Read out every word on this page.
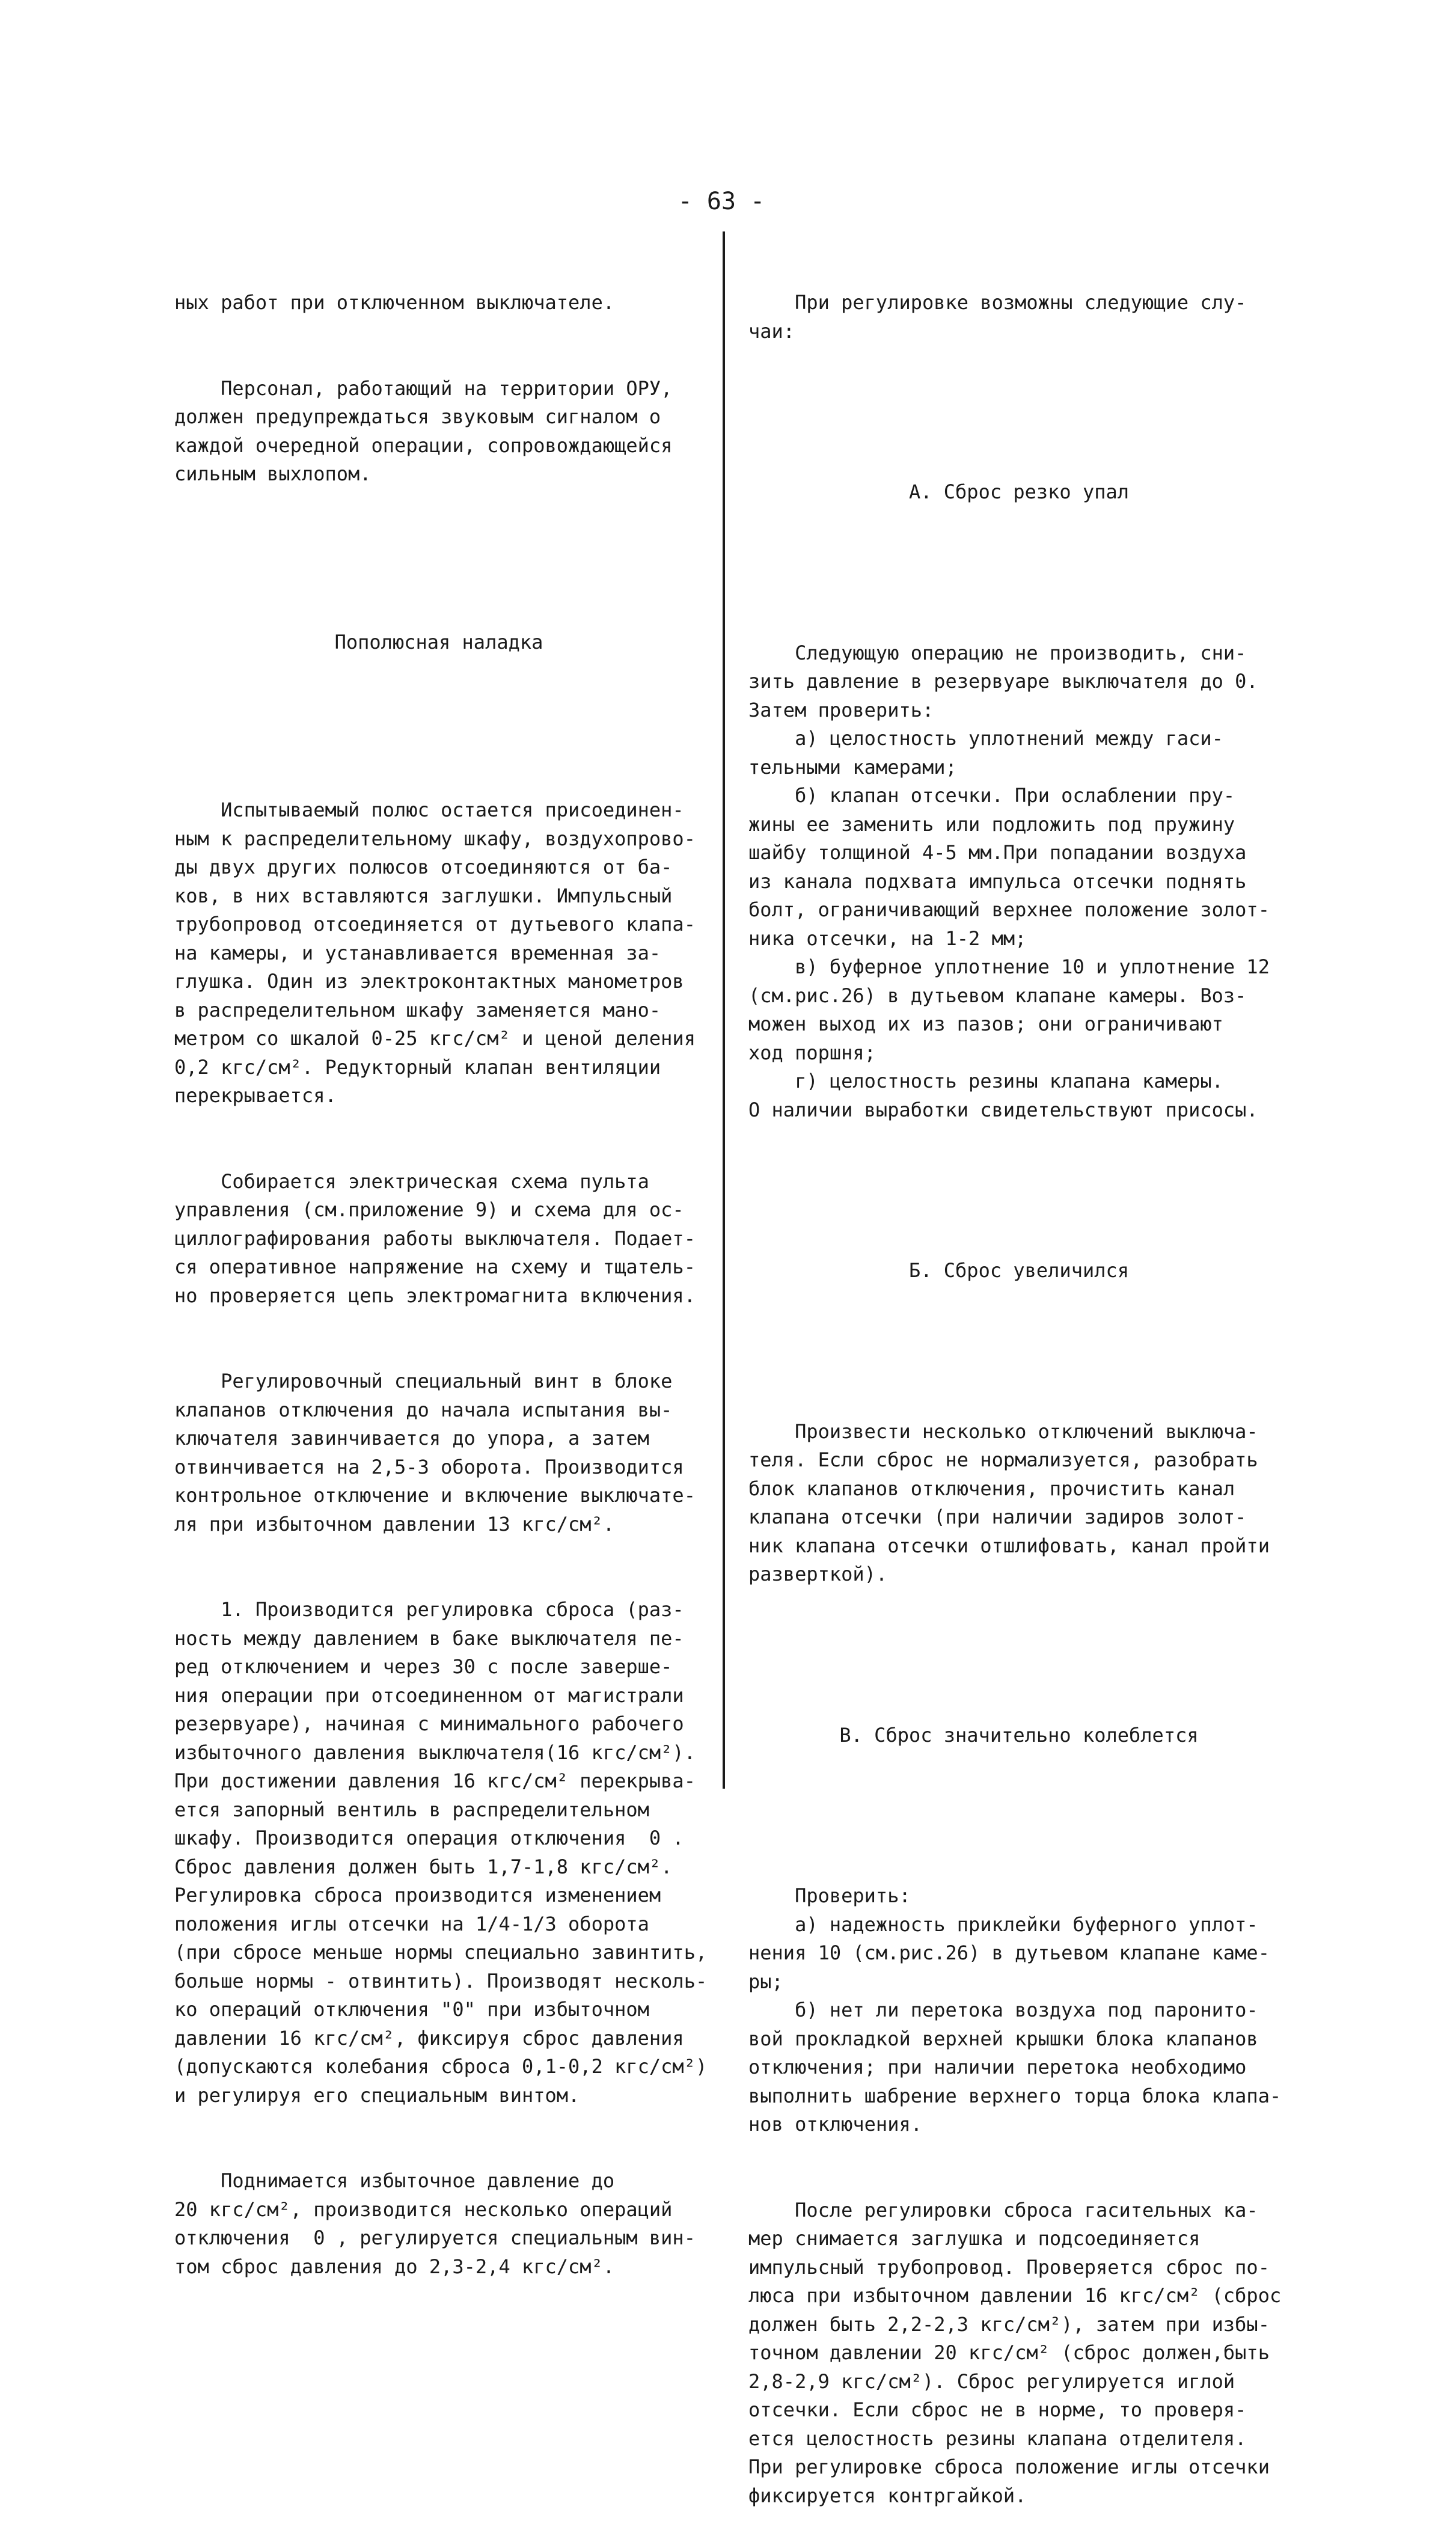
- 63 -

ных работ при отключенном выключателе.

Персонал, работающий на территории ОРУ,
должен предупреждаться звуковым сигналом о
каждой очередной операции, сопровождающейся
сильным выхлопом.

Пополюсная наладка

Испытываемый полюс остается присоединен-
ным к распределительному шкафу, воздухопрово-
ды двух других полюсов отсоединяются от ба-
ков, в них вставляются заглушки. Импульсный
трубопровод отсоединяется от дутьевого клапа-
на камеры, и устанавливается временная за-
глушка. Один из электроконтактных манометров
в распределительном шкафу заменяется мано-
метром со шкалой 0-25 кгс/см² и ценой деления
0,2 кгс/см². Редукторный клапан вентиляции
перекрывается.

Собирается электрическая схема пульта
управления (см.приложение 9) и схема для ос-
циллографирования работы выключателя. Подает-
ся оперативное напряжение на схему и тщатель-
но проверяется цепь электромагнита включения.

Регулировочный специальный винт в блоке
клапанов отключения до начала испытания вы-
ключателя завинчивается до упора, а затем
отвинчивается на 2,5-3 оборота. Производится
контрольное отключение и включение выключате-
ля при избыточном давлении 13 кгс/см².

1. Производится регулировка сброса (раз-
ность между давлением в баке выключателя пе-
ред отключением и через 30 с после заверше-
ния операции при отсоединенном от магистрали
резервуаре), начиная с минимального рабочего
избыточного давления выключателя(16 кгс/см²).
При достижении давления 16 кгс/см² перекрыва-
ется запорный вентиль в распределительном
шкафу. Производится операция отключения  0 .
Сброс давления должен быть 1,7-1,8 кгс/см².
Регулировка сброса производится изменением
положения иглы отсечки на 1/4-1/3 оборота
(при сбросе меньше нормы специально завинтить,
больше нормы - отвинтить). Производят несколь-
ко операций отключения "0" при избыточном
давлении 16 кгс/см², фиксируя сброс давления
(допускаются колебания сброса 0,1-0,2 кгс/см²)
и регулируя его специальным винтом.

Поднимается избыточное давление до
20 кгс/см², производится несколько операций
отключения  0 , регулируется специальным вин-
том сброс давления до 2,3-2,4 кгс/см².

При регулировке возможны следующие слу-
чаи:

А. Сброс резко упал

Следующую операцию не производить, сни-
зить давление в резервуаре выключателя до 0.
Затем проверить:
а) целостность уплотнений между гаси-
тельными камерами;
б) клапан отсечки. При ослаблении пру-
жины ее заменить или подложить под пружину
шайбу толщиной 4-5 мм.При попадании воздуха
из канала подхвата импульса отсечки поднять
болт, ограничивающий верхнее положение золот-
ника отсечки, на 1-2 мм;
в) буферное уплотнение 10 и уплотнение 12
(см.рис.26) в дутьевом клапане камеры. Воз-
можен выход их из пазов; они ограничивают
ход поршня;
г) целостность резины клапана камеры.
О наличии выработки свидетельствуют присосы.

Б. Сброс увеличился

Произвести несколько отключений выключа-
теля. Если сброс не нормализуется, разобрать
блок клапанов отключения, прочистить канал
клапана отсечки (при наличии задиров золот-
ник клапана отсечки отшлифовать, канал пройти
разверткой).

В. Сброс значительно колеблется

Проверить:
а) надежность приклейки буферного уплот-
нения 10 (см.рис.26) в дутьевом клапане каме-
ры;
б) нет ли перетока воздуха под паронито-
вой прокладкой верхней крышки блока клапанов
отключения; при наличии перетока необходимо
выполнить шабрение верхнего торца блока клапа-
нов отключения.

После регулировки сброса гасительных ка-
мер снимается заглушка и подсоединяется
импульсный трубопровод. Проверяется сброс по-
люса при избыточном давлении 16 кгс/см² (сброс
должен быть 2,2-2,3 кгс/см²), затем при избы-
точном давлении 20 кгс/см² (сброс должен,быть
2,8-2,9 кгс/см²). Сброс регулируется иглой
отсечки. Если сброс не в норме, то проверя-
ется целостность резины клапана отделителя.
При регулировке сброса положение иглы отсечки
фиксируется контргайкой.
